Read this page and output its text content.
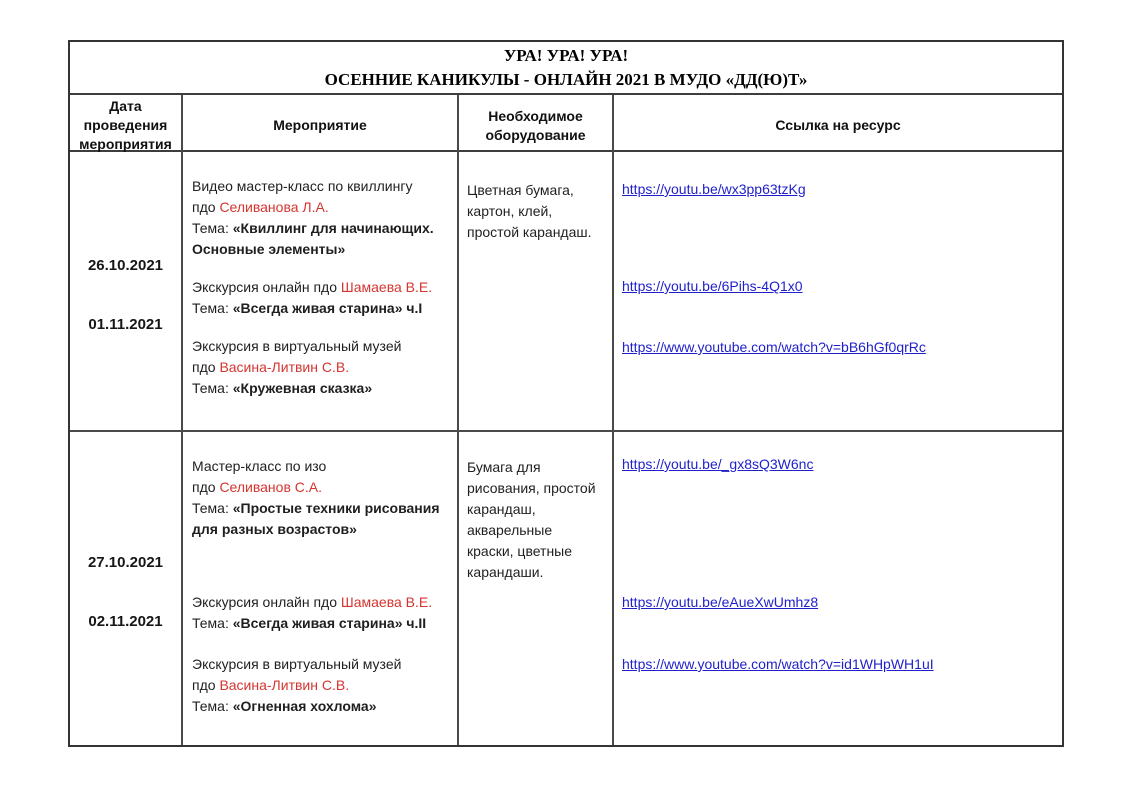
УРА! УРА! УРА!
ОСЕННИЕ КАНИКУЛЫ - ОНЛАЙН 2021 В МУДО «ДД(Ю)Т»
Дата проведения мероприятия
Мероприятие
Необходимое оборудование
Ссылка на ресурс
26.10.2021
01.11.2021

Видео мастер-класс по квиллингу
пдо Селиванова Л.А.
Тема: «Квиллинг для начинающих. Основные элементы»

Экскурсия онлайн пдо Шамаева В.Е.
Тема: «Всегда живая старина» ч.I

Экскурсия в виртуальный музей
пдо Васина-Литвин С.В.
Тема: «Кружевная сказка»

Цветная бумага, картон, клей, простой карандаш.

https://youtu.be/wx3pp63tzKg

https://youtu.be/6Pihs-4Q1x0

https://www.youtube.com/watch?v=bB6hGf0qrRc

27.10.2021
02.11.2021

Мастер-класс по изо
пдо Селиванов С.А.
Тема: «Простые техники рисования для разных возрастов»

Экскурсия онлайн пдо Шамаева В.Е.
Тема: «Всегда живая старина» ч.II

Экскурсия в виртуальный музей
пдо Васина-Литвин С.В.
Тема: «Огненная хохлома»

Бумага для рисования, простой карандаш, акварельные краски, цветные карандаши.

https://youtu.be/_gx8sQ3W6nc

https://youtu.be/eAueXwUmhz8

https://www.youtube.com/watch?v=id1WHpWH1uI
